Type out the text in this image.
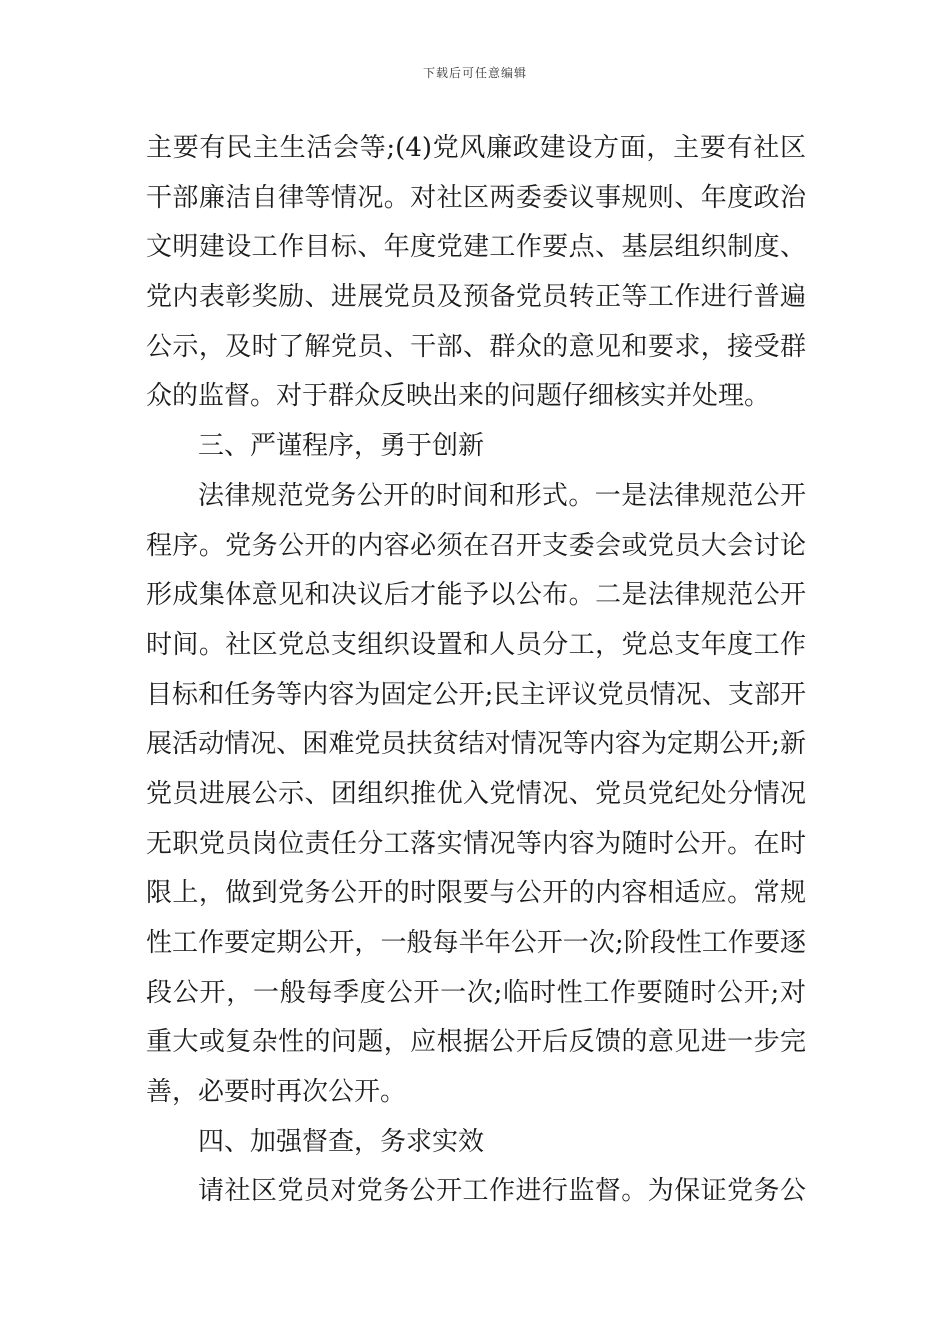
下载后可任意编辑
主要有民主生活会等;(4)党风廉政建设方面，主要有社区
干部廉洁自律等情况。对社区两委委议事规则、年度政治
文明建设工作目标、年度党建工作要点、基层组织制度、
党内表彰奖励、进展党员及预备党员转正等工作进行普遍
公示，及时了解党员、干部、群众的意见和要求，接受群
众的监督。对于群众反映出来的问题仔细核实并处理。
三、严谨程序，勇于创新
法律规范党务公开的时间和形式。一是法律规范公开
程序。党务公开的内容必须在召开支委会或党员大会讨论
形成集体意见和决议后才能予以公布。二是法律规范公开
时间。社区党总支组织设置和人员分工，党总支年度工作
目标和任务等内容为固定公开;民主评议党员情况、支部开
展活动情况、困难党员扶贫结对情况等内容为定期公开;新
党员进展公示、团组织推优入党情况、党员党纪处分情况
无职党员岗位责任分工落实情况等内容为随时公开。在时
限上，做到党务公开的时限要与公开的内容相适应。常规
性工作要定期公开，一般每半年公开一次;阶段性工作要逐
段公开，一般每季度公开一次;临时性工作要随时公开;对
重大或复杂性的问题，应根据公开后反馈的意见进一步完
善，必要时再次公开。
四、加强督查，务求实效
请社区党员对党务公开工作进行监督。为保证党务公
